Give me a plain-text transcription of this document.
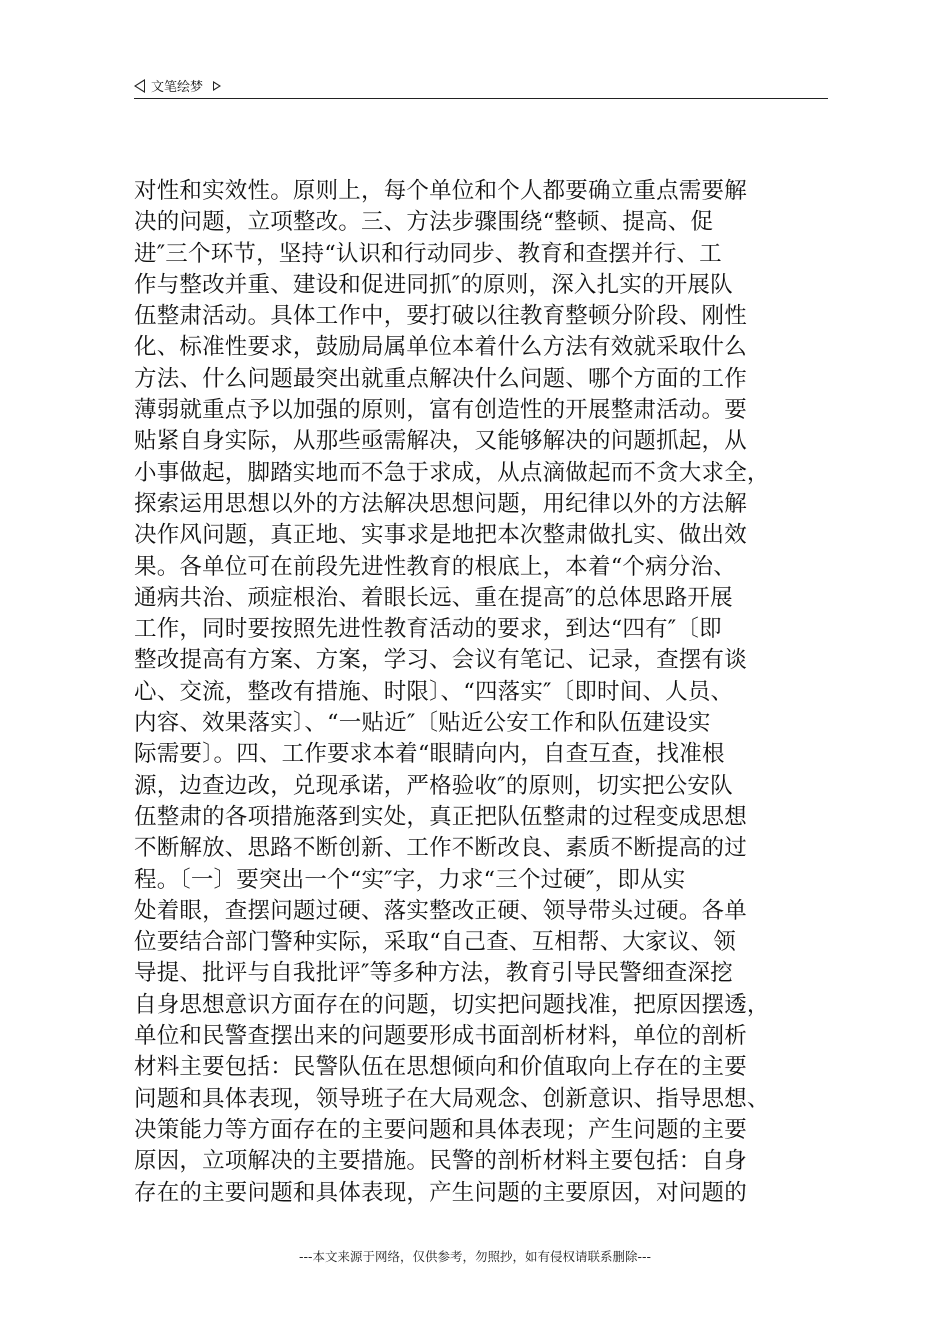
文笔绘梦
对性和实效性。原则上，每个单位和个人都要确立重点需要解
决的问题，立项整改。三、方法步骤围绕“整顿、提高、促
进″三个环节，坚持“认识和行动同步、教育和查摆并行、工
作与整改并重、建设和促进同抓″的原则，深入扎实的开展队
伍整肃活动。具体工作中，要打破以往教育整顿分阶段、刚性
化、标准性要求，鼓励局属单位本着什么方法有效就采取什么
方法、什么问题最突出就重点解决什么问题、哪个方面的工作
薄弱就重点予以加强的原则，富有创造性的开展整肃活动。要
贴紧自身实际，从那些亟需解决，又能够解决的问题抓起，从
小事做起，脚踏实地而不急于求成，从点滴做起而不贪大求全，
探索运用思想以外的方法解决思想问题，用纪律以外的方法解
决作风问题，真正地、实事求是地把本次整肃做扎实、做出效
果。各单位可在前段先进性教育的根底上，本着“个病分治、
通病共治、顽症根治、着眼长远、重在提高″的总体思路开展
工作，同时要按照先进性教育活动的要求，到达“四有″〔即
整改提高有方案、方案，学习、会议有笔记、记录，查摆有谈
心、交流，整改有措施、时限〕、“四落实″〔即时间、人员、
内容、效果落实〕、“一贴近″〔贴近公安工作和队伍建设实
际需要〕。四、工作要求本着“眼睛向内，自查互查，找准根
源，边查边改，兑现承诺，严格验收″的原则，切实把公安队
伍整肃的各项措施落到实处，真正把队伍整肃的过程变成思想
不断解放、思路不断创新、工作不断改良、素质不断提高的过
程。〔一〕要突出一个“实″字，力求“三个过硬″，即从实
处着眼，查摆问题过硬、落实整改正硬、领导带头过硬。各单
位要结合部门警种实际，采取“自己查、互相帮、大家议、领
导提、批评与自我批评″等多种方法，教育引导民警细查深挖
自身思想意识方面存在的问题，切实把问题找准，把原因摆透，
单位和民警查摆出来的问题要形成书面剖析材料，单位的剖析
材料主要包括：民警队伍在思想倾向和价值取向上存在的主要
问题和具体表现，领导班子在大局观念、创新意识、指导思想、
决策能力等方面存在的主要问题和具体表现；产生问题的主要
原因，立项解决的主要措施。民警的剖析材料主要包括：自身
存在的主要问题和具体表现，产生问题的主要原因，对问题的
---本文来源于网络，仅供参考，勿照抄，如有侵权请联系删除---
